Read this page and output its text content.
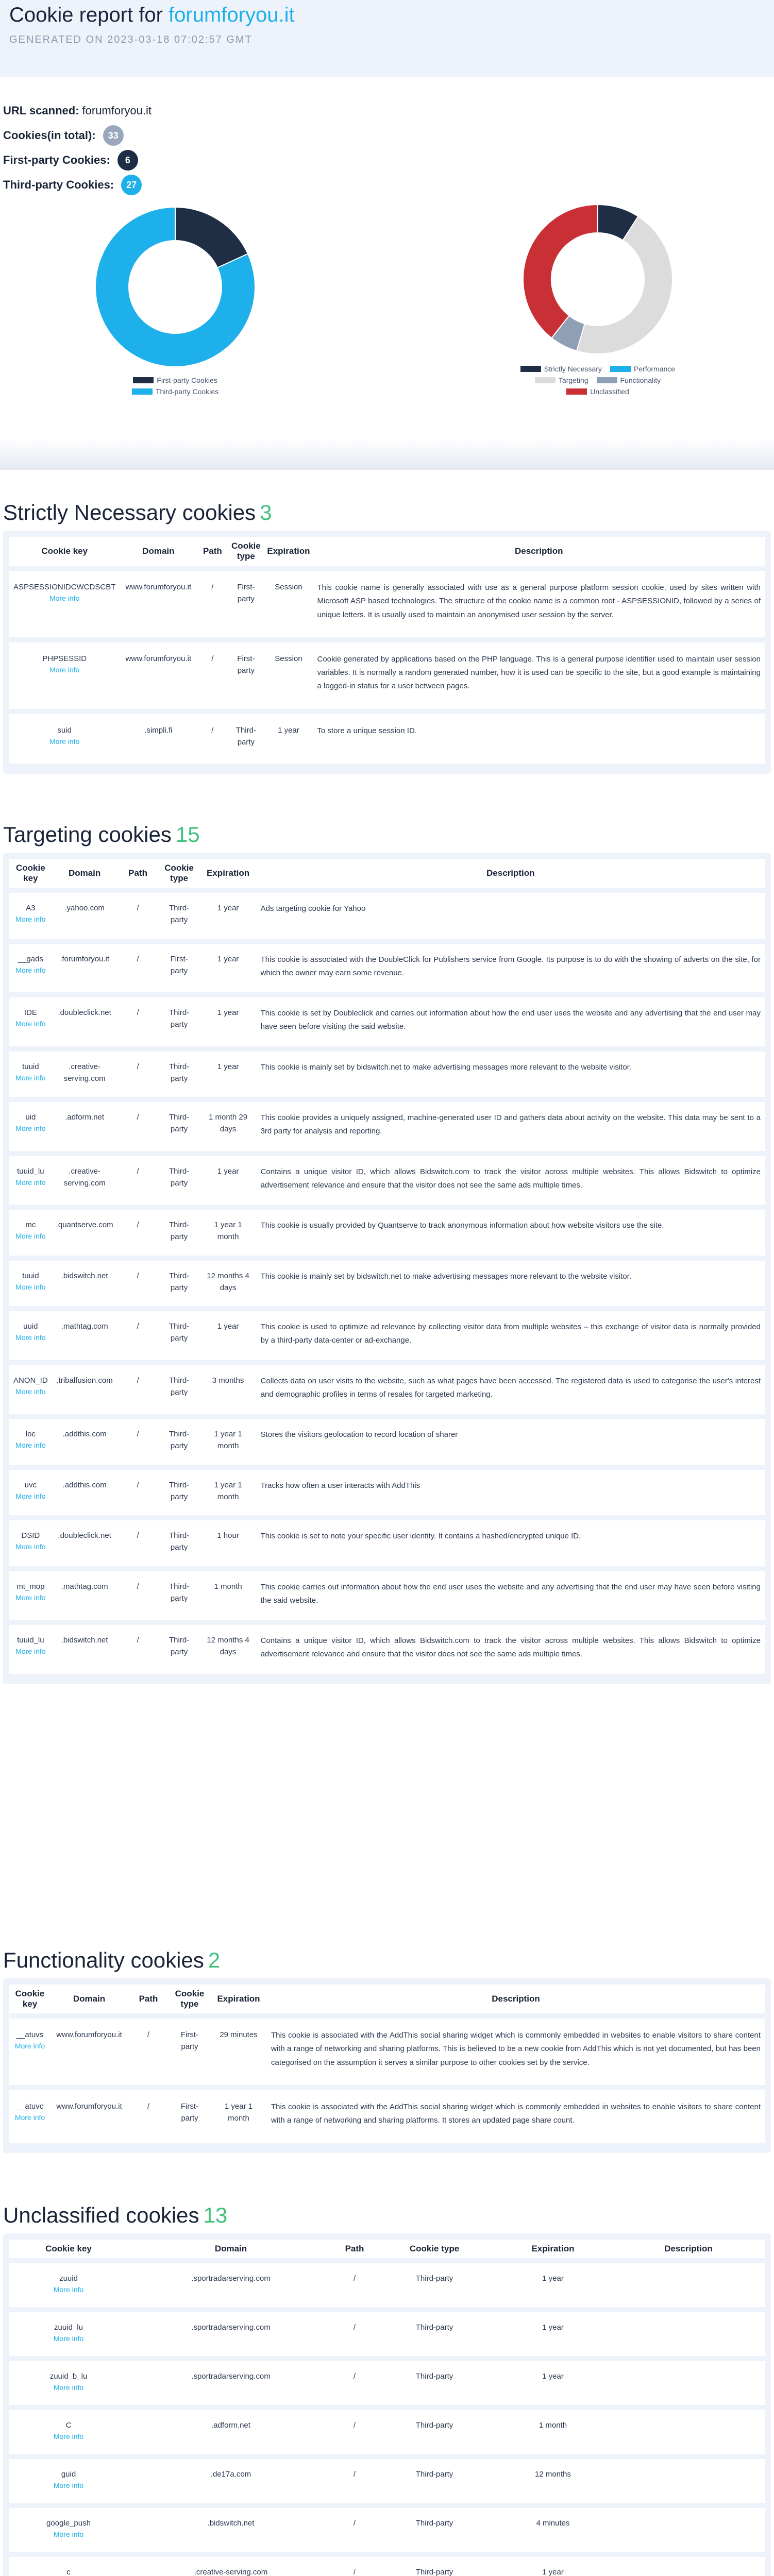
Cookie report for forumforyou.it
GENERATED ON 2023-03-18 07:02:57 GMT
URL scanned: forumforyou.it
Cookies(in total):	33
First-party Cookies:	6
Third-party Cookies:	27
First-party Cookies
Third-party Cookies
Strictly Necessary	Performance
Targeting	Functionality
Unclassified
Strictly Necessary cookies 3
Cookie key	Domain	Path	Cookie type	Expiration	Description
ASPSESSIONIDCWCDSCBT
More info	www.forumforyou.it	/	First-party	Session	This cookie name is generally associated with use as a general purpose platform session cookie, used by sites written with Microsoft ASP based technologies. The structure of the cookie name is a common root - ASPSESSIONID, followed by a series of unique letters. It is usually used to maintain an anonymised user session by the server.
PHPSESSID
More info	www.forumforyou.it	/	First-party	Session	Cookie generated by applications based on the PHP language. This is a general purpose identifier used to maintain user session variables. It is normally a random generated number, how it is used can be specific to the site, but a good example is maintaining a logged-in status for a user between pages.
suid
More info	.simpli.fi	/	Third-party	1 year	To store a unique session ID.
Targeting cookies 15
Cookie key	Domain	Path	Cookie type	Expiration	Description
A3
More info	.yahoo.com	/	Third-party	1 year	Ads targeting cookie for Yahoo
__gads
More info	.forumforyou.it	/	First-party	1 year	This cookie is associated with the DoubleClick for Publishers service from Google. Its purpose is to do with the showing of adverts on the site, for which the owner may earn some revenue.
IDE
More info	.doubleclick.net	/	Third-party	1 year	This cookie is set by Doubleclick and carries out information about how the end user uses the website and any advertising that the end user may have seen before visiting the said website.
tuuid
More info	.creative-serving.com	/	Third-party	1 year	This cookie is mainly set by bidswitch.net to make advertising messages more relevant to the website visitor.
uid
More info	.adform.net	/	Third-party	1 month 29 days	This cookie provides a uniquely assigned, machine-generated user ID and gathers data about activity on the website. This data may be sent to a 3rd party for analysis and reporting.
tuuid_lu
More info	.creative-serving.com	/	Third-party	1 year	Contains a unique visitor ID, which allows Bidswitch.com to track the visitor across multiple websites. This allows Bidswitch to optimize advertisement relevance and ensure that the visitor does not see the same ads multiple times.
mc
More info	.quantserve.com	/	Third-party	1 year 1 month	This cookie is usually provided by Quantserve to track anonymous information about how website visitors use the site.
tuuid
More info	.bidswitch.net	/	Third-party	12 months 4 days	This cookie is mainly set by bidswitch.net to make advertising messages more relevant to the website visitor.
uuid
More info	.mathtag.com	/	Third-party	1 year	This cookie is used to optimize ad relevance by collecting visitor data from multiple websites – this exchange of visitor data is normally provided by a third-party data-center or ad-exchange.
ANON_ID
More info	.tribalfusion.com	/	Third-party	3 months	Collects data on user visits to the website, such as what pages have been accessed. The registered data is used to categorise the user's interest and demographic profiles in terms of resales for targeted marketing.
loc
More info	.addthis.com	/	Third-party	1 year 1 month	Stores the visitors geolocation to record location of sharer
uvc
More info	.addthis.com	/	Third-party	1 year 1 month	Tracks how often a user interacts with AddThis
DSID
More info	.doubleclick.net	/	Third-party	1 hour	This cookie is set to note your specific user identity. It contains a hashed/encrypted unique ID.
mt_mop
More info	.mathtag.com	/	Third-party	1 month	This cookie carries out information about how the end user uses the website and any advertising that the end user may have seen before visiting the said website.
tuuid_lu
More info	.bidswitch.net	/	Third-party	12 months 4 days	Contains a unique visitor ID, which allows Bidswitch.com to track the visitor across multiple websites. This allows Bidswitch to optimize advertisement relevance and ensure that the visitor does not see the same ads multiple times.
Functionality cookies 2
Cookie key	Domain	Path	Cookie type	Expiration	Description
__atuvs
More info	www.forumforyou.it	/	First-party	29 minutes	This cookie is associated with the AddThis social sharing widget which is commonly embedded in websites to enable visitors to share content with a range of networking and sharing platforms. This is believed to be a new cookie from AddThis which is not yet documented, but has been categorised on the assumption it serves a similar purpose to other cookies set by the service.
__atuvc
More info	www.forumforyou.it	/	First-party	1 year 1 month	This cookie is associated with the AddThis social sharing widget which is commonly embedded in websites to enable visitors to share content with a range of networking and sharing platforms. It stores an updated page share count.
Unclassified cookies 13
Cookie key	Domain	Path	Cookie type	Expiration	Description
zuuid
More info	.sportradarserving.com	/	Third-party	1 year	
zuuid_lu
More info	.sportradarserving.com	/	Third-party	1 year	
zuuid_b_lu
More info	.sportradarserving.com	/	Third-party	1 year	
C
More info	.adform.net	/	Third-party	1 month	
guid
More info	.de17a.com	/	Third-party	12 months	
google_push
More info	.bidswitch.net	/	Third-party	4 minutes	
c	.creative-serving.com	/	Third-party	1 year	
